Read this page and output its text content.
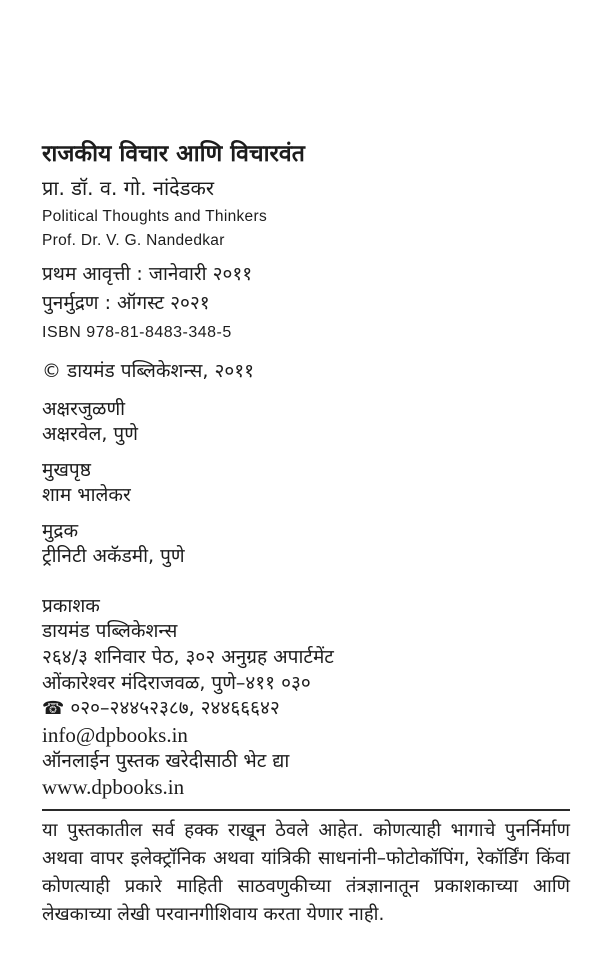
राजकीय विचार आणि विचारवंत
प्रा. डॉ. व. गो. नांदेडकर
Political Thoughts and Thinkers
Prof. Dr. V. G. Nandedkar
प्रथम आवृत्ती : जानेवारी २०११
पुनर्मुद्रण : ऑगस्ट २०२१
ISBN 978-81-8483-348-5
© डायमंड पब्लिकेशन्स, २०११
अक्षरजुळणी
अक्षरवेल, पुणे
मुखपृष्ठ
शाम भालेकर
मुद्रक
ट्रीनिटी अकॅडमी, पुणे
प्रकाशक
डायमंड पब्लिकेशन्स
२६४/३ शनिवार पेठ, ३०२ अनुग्रह अपार्टमेंट
ओंकारेश्वर मंदिराजवळ, पुणे–४११ ०३०
☎ ०२०–२४४५२३८७, २४४६६६४२
info@dpbooks.in
ऑनलाईन पुस्तक खरेदीसाठी भेट द्या
www.dpbooks.in

या पुस्तकातील सर्व हक्क राखून ठेवले आहेत. कोणत्याही भागाचे पुनर्निर्माण अथवा वापर इलेक्ट्रॉनिक अथवा यांत्रिकी साधनांनी–फोटोकॉपिंग, रेकॉर्डिंग किंवा कोणत्याही प्रकारे माहिती साठवणुकीच्या तंत्रज्ञानातून प्रकाशकाच्या आणि लेखकाच्या लेखी परवानगीशिवाय करता येणार नाही.
